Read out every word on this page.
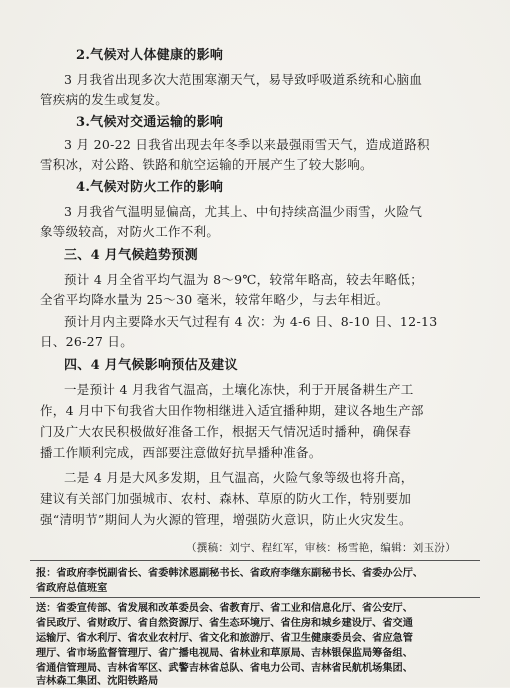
2.气候对人体健康的影响
3 月我省出现多次大范围寒潮天气，易导致呼吸道系统和心脑血
管疾病的发生或复发。
3.气候对交通运输的影响
3 月 20-22 日我省出现去年冬季以来最强雨雪天气，造成道路积
雪积冰，对公路、铁路和航空运输的开展产生了较大影响。
4.气候对防火工作的影响
3 月我省气温明显偏高，尤其上、中旬持续高温少雨雪，火险气
象等级较高，对防火工作不利。
三、4 月气候趋势预测
预计 4 月全省平均气温为 8～9℃，较常年略高，较去年略低；
全省平均降水量为 25～30 毫米，较常年略少，与去年相近。
预计月内主要降水天气过程有 4 次：为 4-6 日、8-10 日、12-13
日、26-27 日。
四、4 月气候影响预估及建议
一是预计 4 月我省气温高，土壤化冻快，利于开展备耕生产工
作，4 月中下旬我省大田作物相继进入适宜播种期，建议各地生产部
门及广大农民积极做好准备工作，根据天气情况适时播种，确保春
播工作顺利完成，西部要注意做好抗旱播种准备。
二是 4 月是大风多发期，且气温高，火险气象等级也将升高，
建议有关部门加强城市、农村、森林、草原的防火工作，特别要加
强“清明节”期间人为火源的管理，增强防火意识，防止火灾发生。
（撰稿：刘宁、程红军，审核：杨雪艳，编辑：刘玉汾）
报：省政府李悦副省长、省委韩沭恩副秘书长、省政府李继东副秘书长、省委办公厅、
省政府总值班室
送：省委宣传部、省发展和改革委员会、省教育厅、省工业和信息化厅、省公安厅、
省民政厅、省财政厅、省自然资源厅、省生态环境厅、省住房和城乡建设厅、省交通
运输厅、省水利厅、省农业农村厅、省文化和旅游厅、省卫生健康委员会、省应急管
理厅、省市场监督管理厅、省广播电视局、省林业和草原局、吉林银保监局筹备组、
省通信管理局、吉林省军区、武警吉林省总队、省电力公司、吉林省民航机场集团、
吉林森工集团、沈阳铁路局
